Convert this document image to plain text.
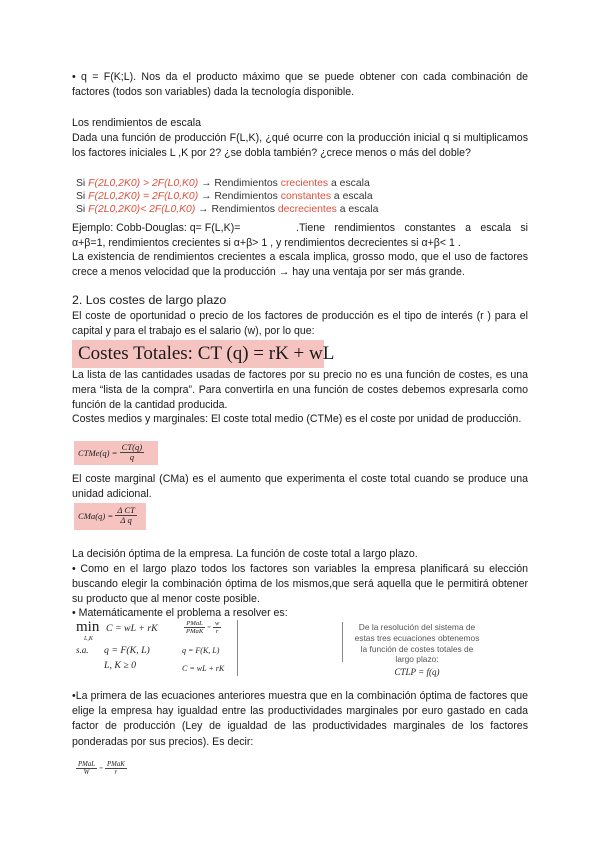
• q = F(K;L). Nos da el producto máximo que se puede obtener con cada combinación de factores (todos son variables) dada la tecnología disponible.

Los rendimientos de escala

Dada una función de producción F(L,K), ¿qué ocurre con la producción inicial q si multiplicamos los factores iniciales L ,K por 2? ¿se dobla también? ¿crece menos o más del doble?

Si F(2L0,2K0) > 2F(L0,K0) → Rendimientos crecientes a escala

Si F(2L0,2K0) = 2F(L0,K0) → Rendimientos constantes a escala

Si F(2L0,2K0)< 2F(L0,K0) → Rendimientos decrecientes a escala

Ejemplo: Cobb-Douglas: q= F(L,K)=	.Tiene rendimientos constantes a escala si α+β=1, rendimientos crecientes si α+β> 1 , y rendimientos decrecientes si α+β< 1 .

La existencia de rendimientos crecientes a escala implica, grosso modo, que el uso de factores crece a menos velocidad que la producción → hay una ventaja por ser más grande.

2. Los costes de largo plazo

El coste de oportunidad o precio de los factores de producción es el tipo de interés (r ) para el capital y para el trabajo es el salario (w), por lo que:

Costes Totales: CT (q) = rK + wL

La lista de las cantidades usadas de factores por su precio no es una función de costes, es una mera “lista de la compra”. Para convertirla en una función de costes debemos expresarla como función de la cantidad producida.

Costes medios y marginales: El coste total medio (CTMe) es el coste por unidad de producción.

CTMe(q) = $\frac{CT(q)}{q}$

El coste marginal (CMa) es el aumento que experimenta el coste total cuando se produce una unidad adicional.

$CMa(q) = \frac{\text{Δ CT}}{\text{Δ q}}$

La decisión óptima de la empresa. La función de coste total a largo plazo.

• Como en el largo plazo todos los factores son variables la empresa planificará su elección buscando elegir la combinación óptima de los mismos,que será aquella que le permitirá obtener su producto que al menor coste posible.

• Matemáticamente el problema a resolver es:

min
L,K
C = wL + rK
s.a. q = F(K, L)
L, K ≥ 0
$\frac{\text{PMaL}}{\text{PMaK}} = \frac{w}{r}$
q = F(K, L)
C = wL + rK
De la resolución del sistema de estas tres ecuaciones obtenemos la función de costes totales de largo plazo:
CTLP = f(q)

•La primera de las ecuaciones anteriores muestra que en la combinación óptima de factores que elige la empresa hay igualdad entre las productividades marginales por euro gastado en cada factor de producción (Ley de igualdad de las productividades marginales de los factores ponderadas por sus precios). Es decir:

$\frac{\text{PMaL}}{W} = \frac{\text{PMaK}}{r}$
